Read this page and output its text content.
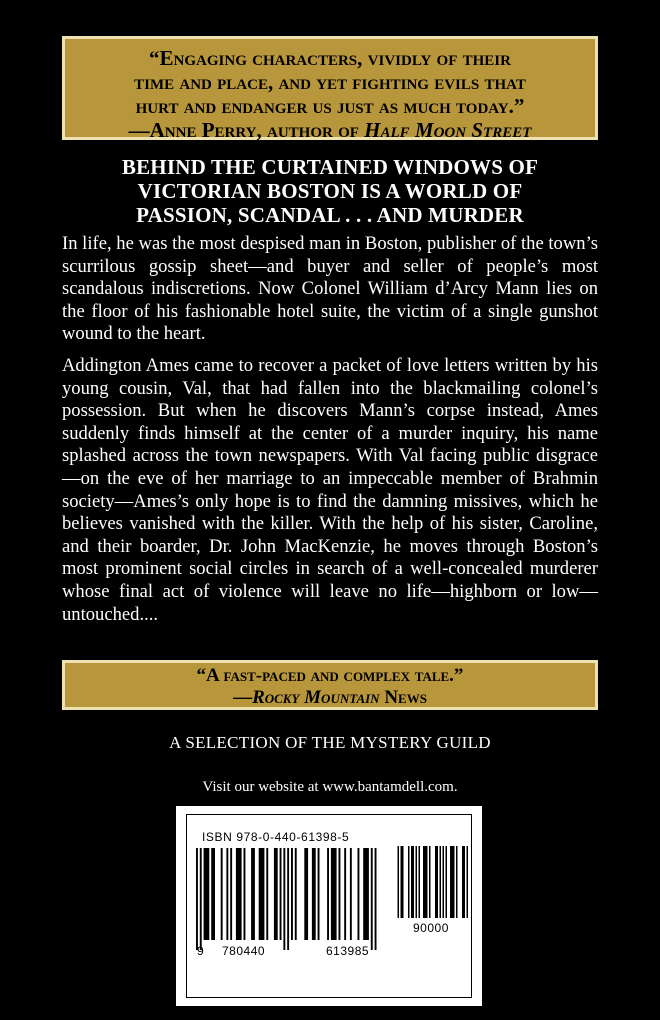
“Engaging characters, vividly of their
time and place, and yet fighting evils that
hurt and endanger us just as much today.”
—Anne Perry, author of Half Moon Street
BEHIND THE CURTAINED WINDOWS OF
VICTORIAN BOSTON IS A WORLD OF
PASSION, SCANDAL . . . AND MURDER

In life, he was the most despised man in Boston, publisher of the town’s scurrilous gossip sheet—and buyer and seller of people’s most scandalous indiscretions. Now Colonel William d’Arcy Mann lies on the floor of his fashionable hotel suite, the victim of a single gunshot wound to the heart.

Addington Ames came to recover a packet of love letters written by his young cousin, Val, that had fallen into the blackmailing colonel’s possession. But when he discovers Mann’s corpse instead, Ames suddenly finds himself at the center of a murder inquiry, his name splashed across the town newspapers. With Val facing public disgrace—on the eve of her marriage to an impeccable member of Brahmin society—Ames’s only hope is to find the damning missives, which he believes vanished with the killer. With the help of his sister, Caroline, and their boarder, Dr. John MacKenzie, he moves through Boston’s most prominent social circles in search of a well-concealed murderer whose final act of violence will leave no life—highborn or low—untouched....

“A fast-paced and complex tale.”
—Rocky Mountain News
A SELECTION OF THE MYSTERY GUILD
Visit our website at www.bantamdell.com.
ISBN 978-0-440-61398-5
9 780440	613985
90000
